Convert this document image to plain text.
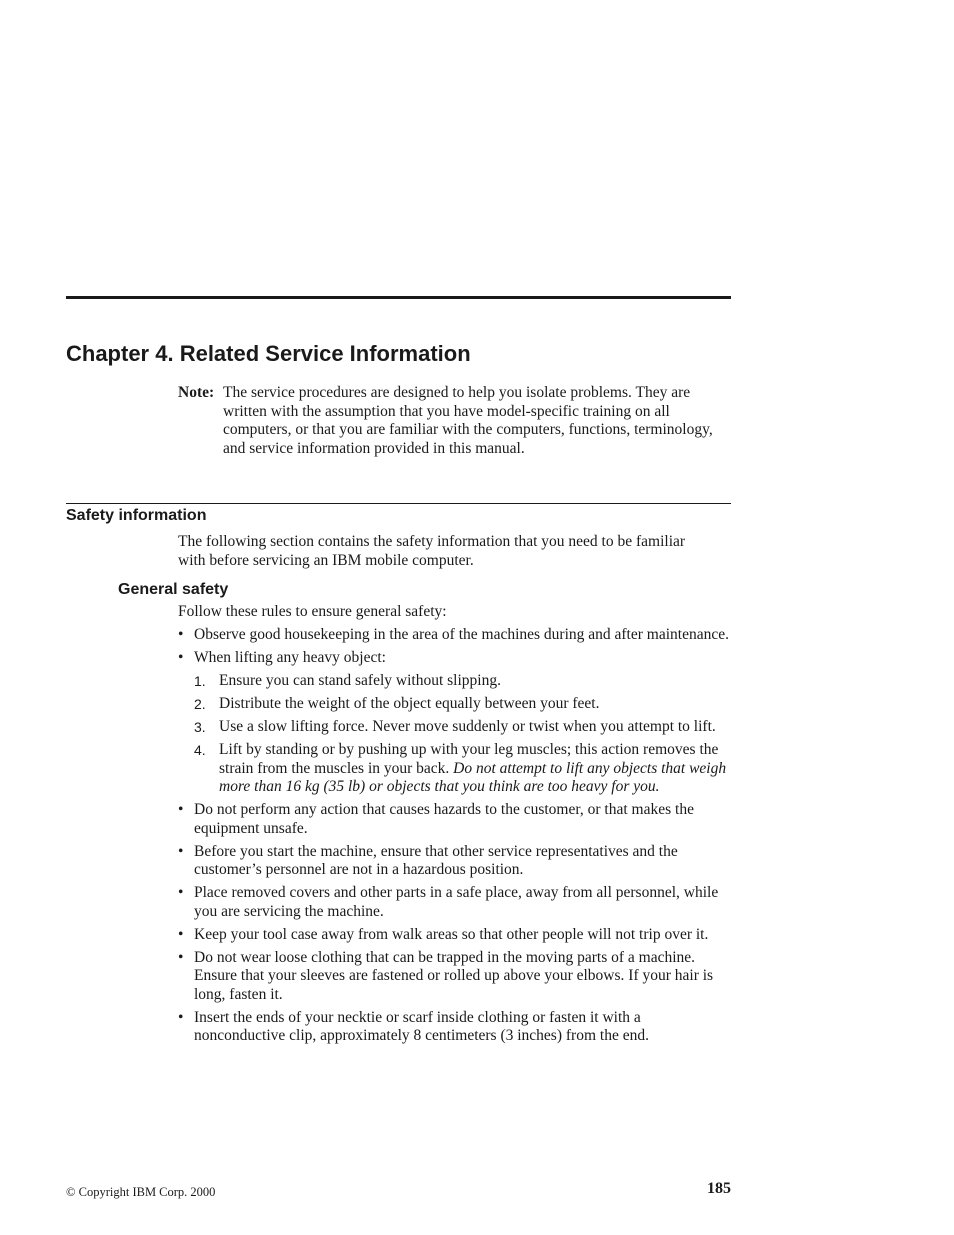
Chapter 4. Related Service Information
Note: The service procedures are designed to help you isolate problems. They are written with the assumption that you have model-specific training on all computers, or that you are familiar with the computers, functions, terminology, and service information provided in this manual.
Safety information
The following section contains the safety information that you need to be familiar with before servicing an IBM mobile computer.
General safety
Follow these rules to ensure general safety:
• Observe good housekeeping in the area of the machines during and after maintenance.
• When lifting any heavy object:
1. Ensure you can stand safely without slipping.
2. Distribute the weight of the object equally between your feet.
3. Use a slow lifting force. Never move suddenly or twist when you attempt to lift.
4. Lift by standing or by pushing up with your leg muscles; this action removes the strain from the muscles in your back. Do not attempt to lift any objects that weigh more than 16 kg (35 lb) or objects that you think are too heavy for you.
• Do not perform any action that causes hazards to the customer, or that makes the equipment unsafe.
• Before you start the machine, ensure that other service representatives and the customer’s personnel are not in a hazardous position.
• Place removed covers and other parts in a safe place, away from all personnel, while you are servicing the machine.
• Keep your tool case away from walk areas so that other people will not trip over it.
• Do not wear loose clothing that can be trapped in the moving parts of a machine. Ensure that your sleeves are fastened or rolled up above your elbows. If your hair is long, fasten it.
• Insert the ends of your necktie or scarf inside clothing or fasten it with a nonconductive clip, approximately 8 centimeters (3 inches) from the end.
© Copyright IBM Corp. 2000	185
